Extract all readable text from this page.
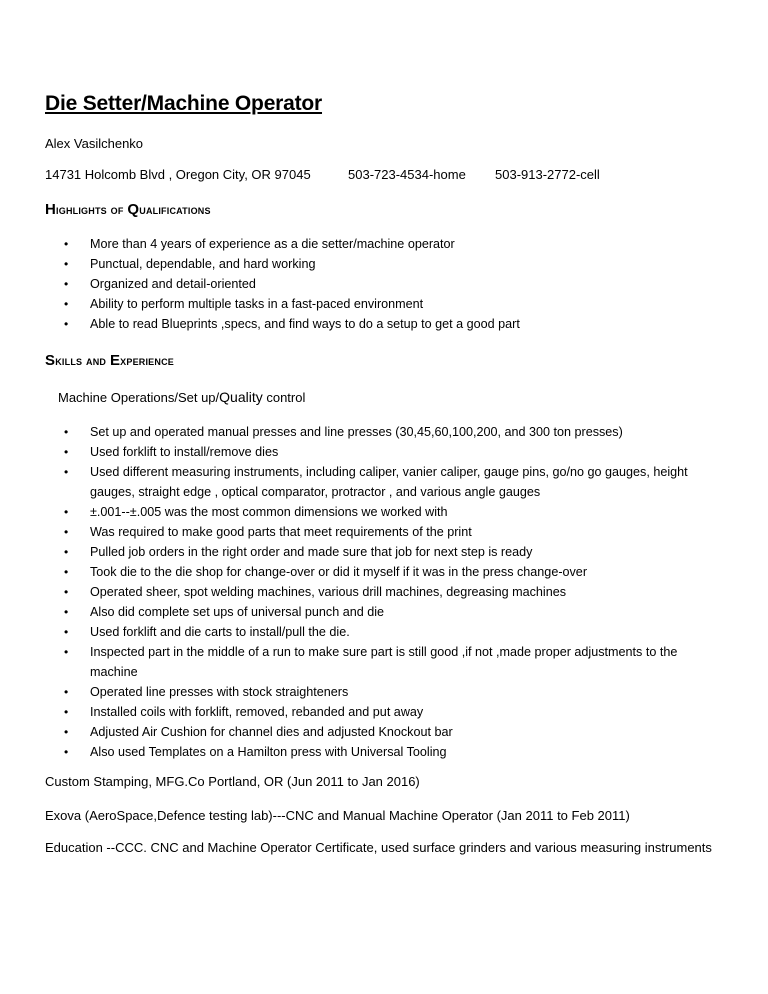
Die Setter/Machine Operator
Alex Vasilchenko
14731 Holcomb Blvd , Oregon City, OR 97045	503-723-4534-home 503-913-2772-cell
Highlights of Qualifications
• More than 4 years of experience as a die setter/machine operator
• Punctual, dependable, and hard working
• Organized and detail-oriented
• Ability to perform multiple tasks in a fast-paced environment
• Able to read Blueprints ,specs, and find ways to do a setup to get a good part
Skills and Experience
Machine Operations/Set up/Quality control
• Set up and operated manual presses and line presses (30,45,60,100,200, and 300 ton presses)
• Used forklift to install/remove dies
• Used different measuring instruments, including caliper, vanier caliper, gauge pins, go/no go gauges, height
gauges, straight edge , optical comparator, protractor , and various angle gauges
• ±.001--±.005 was the most common dimensions we worked with
• Was required to make good parts that meet requirements of the print
• Pulled job orders in the right order and made sure that job for next step is ready
• Took die to the die shop for change-over or did it myself if it was in the press change-over
• Operated sheer, spot welding machines, various drill machines, degreasing machines
• Also did complete set ups of universal punch and die
• Used forklift and die carts to install/pull the die.
• Inspected part in the middle of a run to make sure part is still good ,if not ,made proper adjustments to the
machine
• Operated line presses with stock straighteners
• Installed coils with forklift, removed, rebanded and put away
• Adjusted Air Cushion for channel dies and adjusted Knockout bar
• Also used Templates on a Hamilton press with Universal Tooling
Custom Stamping, MFG.Co Portland, OR (Jun 2011 to Jan 2016)
Exova (AeroSpace,Defence testing lab)---CNC and Manual Machine Operator (Jan 2011 to Feb 2011)
Education --CCC. CNC and Machine Operator Certificate, used surface grinders and various measuring instruments
